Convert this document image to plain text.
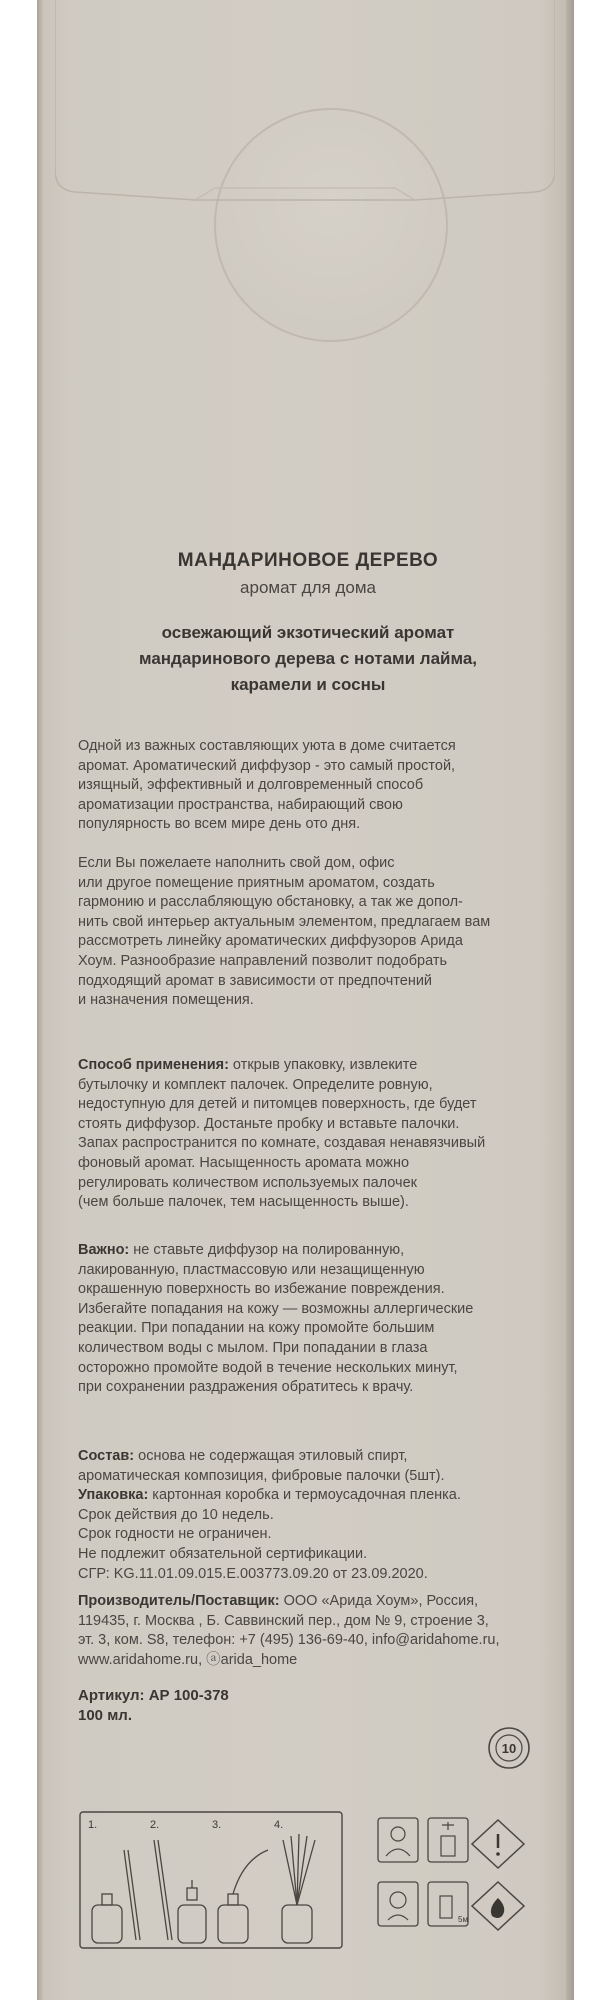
МАНДАРИНОВОЕ ДЕРЕВО
аромат для дома
освежающий экзотический аромат
мандаринового дерева с нотами лайма,
карамели и сосны
Одной из важных составляющих уюта в доме считается
аромат. Ароматический диффузор - это самый простой,
изящный, эффективный и долговременный способ
ароматизации пространства, набирающий свою
популярность во всем мире день ото дня.
Если Вы пожелаете наполнить свой дом, офис
или другое помещение приятным ароматом, создать
гармонию и расслабляющую обстановку, а так же допол-
нить свой интерьер актуальным элементом, предлагаем вам
рассмотреть линейку ароматических диффузоров Арида
Хоум. Разнообразие направлений позволит подобрать
подходящий аромат в зависимости от предпочтений
и назначения помещения.
Способ применения: открыв упаковку, извлеките
бутылочку и комплект палочек. Определите ровную,
недоступную для детей и питомцев поверхность, где будет
стоять диффузор. Достаньте пробку и вставьте палочки.
Запах распространится по комнате, создавая ненавязчивый
фоновый аромат. Насыщенность аромата можно
регулировать количеством используемых палочек
(чем больше палочек, тем насыщенность выше).
Важно: не ставьте диффузор на полированную,
лакированную, пластмассовую или незащищенную
окрашенную поверхность во избежание повреждения.
Избегайте попадания на кожу — возможны аллергические
реакции. При попадании на кожу промойте большим
количеством воды с мылом. При попадании в глаза
осторожно промойте водой в течение нескольких минут,
при сохранении раздражения обратитесь к врачу.
Состав: основа не содержащая этиловый спирт,
ароматическая композиция, фибровые палочки (5шт).
Упаковка: картонная коробка и термоусадочная пленка.
Срок действия до 10 недель.
Срок годности не ограничен.
Не подлежит обязательной сертификации.
СГР: KG.11.01.09.015.Е.003773.09.20 от 23.09.2020.
Производитель/Поставщик: ООО «Арида Хоум», Россия,
119435, г. Москва , Б. Саввинский пер., дом № 9, строение 3,
эт. 3, ком. S8, телефон: +7 (495) 136-69-40, info@aridahome.ru,
www.aridahome.ru, ⓐarida_home
Артикул: АР 100-378
100 мл.
10
1.	2.	3.	4.
5м
